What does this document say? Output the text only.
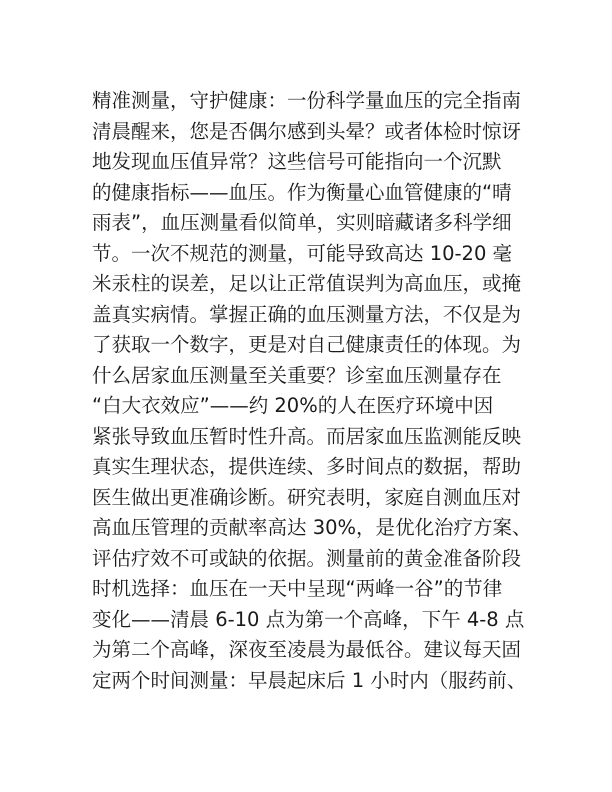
精准测量，守护健康：一份科学量血压的完全指南
清晨醒来，您是否偶尔感到头晕？或者体检时惊讶
地发现血压值异常？这些信号可能指向一个沉默
的健康指标——血压。作为衡量心血管健康的“晴
雨表”，血压测量看似简单，实则暗藏诸多科学细
节。一次不规范的测量，可能导致高达 10-20 毫
米汞柱的误差，足以让正常值误判为高血压，或掩
盖真实病情。掌握正确的血压测量方法，不仅是为
了获取一个数字，更是对自己健康责任的体现。为
什么居家血压测量至关重要？诊室血压测量存在
“白大衣效应”——约 20%的人在医疗环境中因
紧张导致血压暂时性升高。而居家血压监测能反映
真实生理状态，提供连续、多时间点的数据，帮助
医生做出更准确诊断。研究表明，家庭自测血压对
高血压管理的贡献率高达 30%，是优化治疗方案、
评估疗效不可或缺的依据。测量前的黄金准备阶段
时机选择：血压在一天中呈现“两峰一谷”的节律
变化——清晨 6-10 点为第一个高峰，下午 4-8 点
为第二个高峰，深夜至凌晨为最低谷。建议每天固
定两个时间测量：早晨起床后 1 小时内（服药前、
